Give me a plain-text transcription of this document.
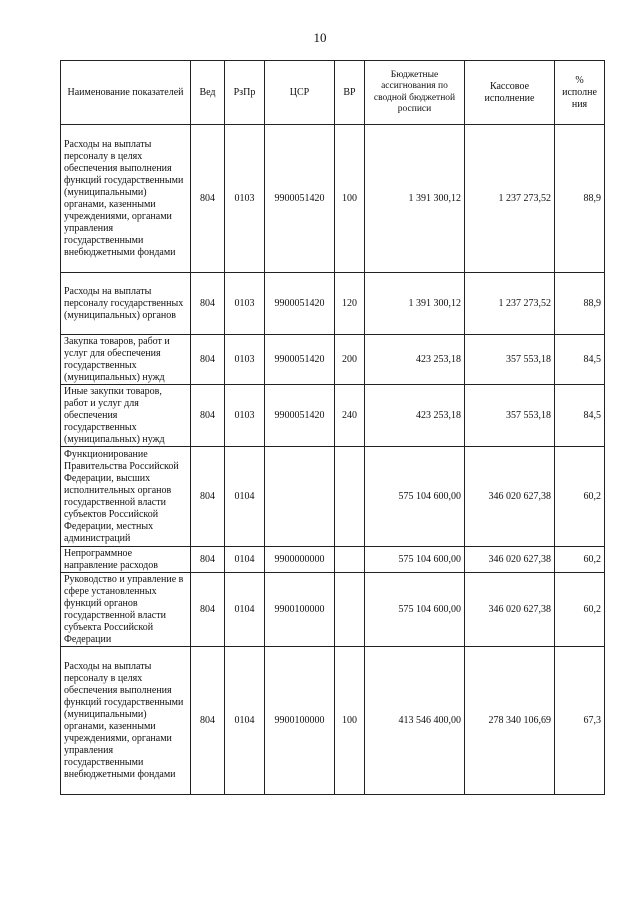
10
Наименование показателей	Вед	РзПр	ЦСР	ВР	Бюджетные ассигнования по сводной бюджетной росписи	Кассовое исполнение	% исполне ния
Расходы на выплаты персоналу в целях обеспечения выполнения функций государственными (муниципальными) органами, казенными учреждениями, органами управления государственными внебюджетными фондами	804	0103	9900051420	100	1 391 300,12	1 237 273,52	88,9
Расходы на выплаты персоналу государственных (муниципальных) органов	804	0103	9900051420	120	1 391 300,12	1 237 273,52	88,9
Закупка товаров, работ и услуг для обеспечения государственных (муниципальных) нужд	804	0103	9900051420	200	423 253,18	357 553,18	84,5
Иные закупки товаров, работ и услуг для обеспечения государственных (муниципальных) нужд	804	0103	9900051420	240	423 253,18	357 553,18	84,5
Функционирование Правительства Российской Федерации, высших исполнительных органов государственной власти субъектов Российской Федерации, местных администраций	804	0104			575 104 600,00	346 020 627,38	60,2
Непрограммное направление расходов	804	0104	9900000000		575 104 600,00	346 020 627,38	60,2
Руководство и управление в сфере установленных функций органов государственной власти субъекта Российской Федерации	804	0104	9900100000		575 104 600,00	346 020 627,38	60,2
Расходы на выплаты персоналу в целях обеспечения выполнения функций государственными (муниципальными) органами, казенными учреждениями, органами управления государственными внебюджетными фондами	804	0104	9900100000	100	413 546 400,00	278 340 106,69	67,3
